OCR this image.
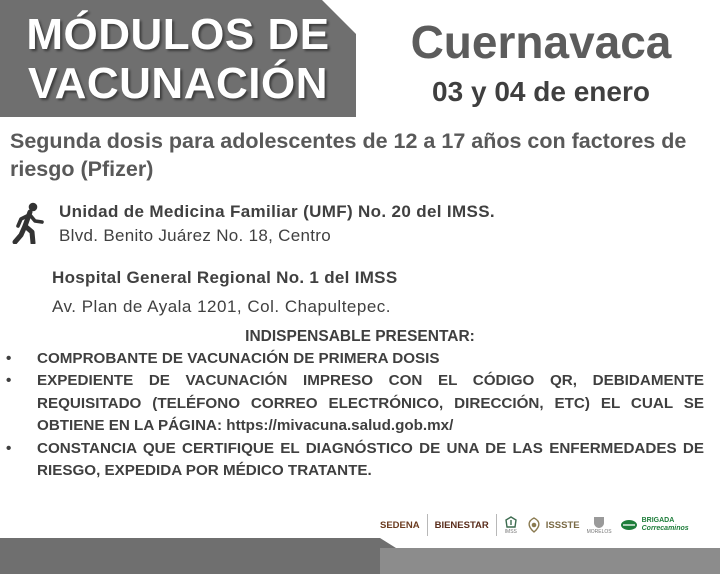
MÓDULOS DE
VACUNACIÓN
Cuernavaca
03 y 04 de enero
Segunda dosis para adolescentes de 12 a 17 años con factores de riesgo (Pfizer)
Unidad de Medicina Familiar (UMF) No. 20 del IMSS.
Blvd. Benito Juárez No. 18, Centro
Hospital General Regional No. 1 del IMSS
Av. Plan de Ayala 1201, Col. Chapultepec.
INDISPENSABLE PRESENTAR:
• COMPROBANTE DE VACUNACIÓN DE PRIMERA DOSIS
• EXPEDIENTE DE VACUNACIÓN IMPRESO CON EL CÓDIGO QR, DEBIDAMENTE REQUISITADO (TELÉFONO CORREO ELECTRÓNICO, DIRECCIÓN, ETC) EL CUAL SE OBTIENE EN LA PÁGINA: https://mivacuna.salud.gob.mx/
• CONSTANCIA QUE CERTIFIQUE EL DIAGNÓSTICO DE UNA DE LAS ENFERMEDADES DE RIESGO, EXPEDIDA POR MÉDICO TRATANTE.
SEDENA BIENESTAR
IMSS
ISSSTE
MORELOS
BRIGADA
Correcaminos
